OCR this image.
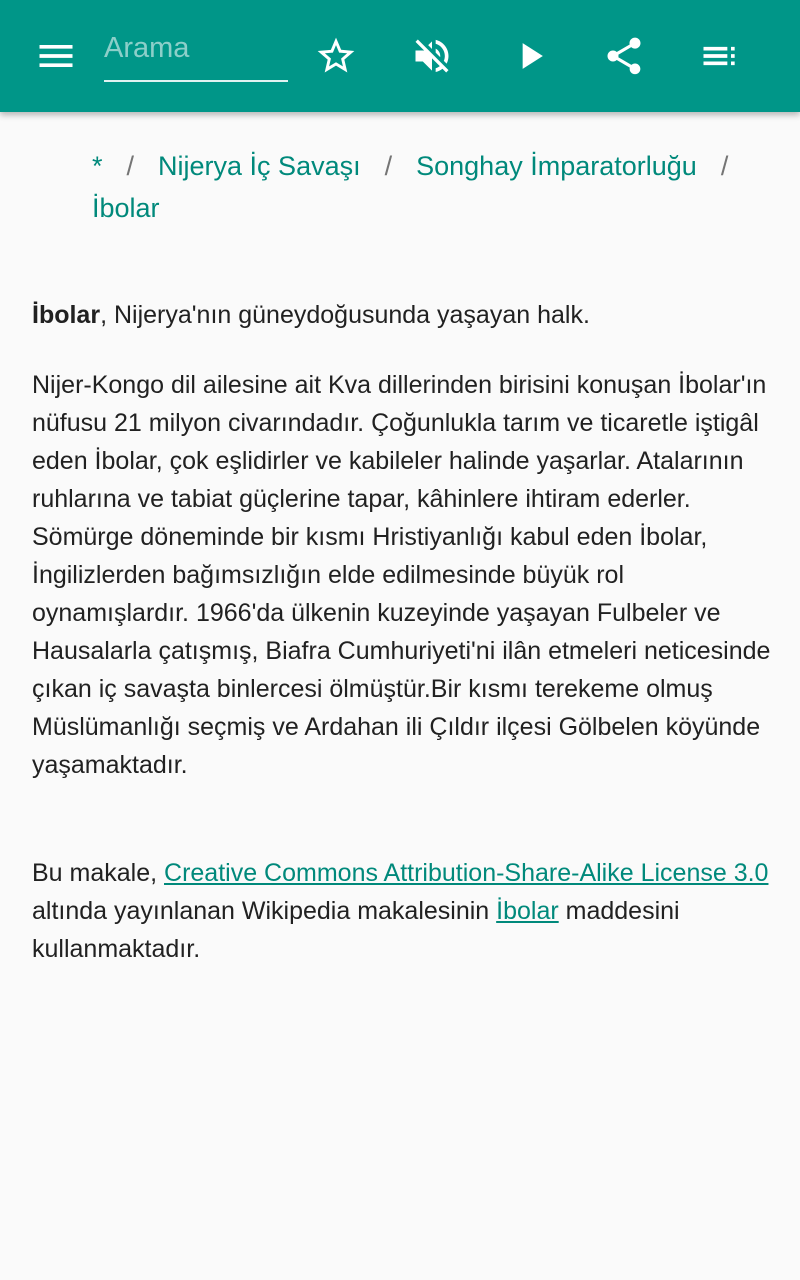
Arama
* / Nijerya İç Savaşı / Songhay İmparatorluğu /İbolar

İbolar, Nijerya'nın güneydoğusunda yaşayan halk.

Nijer-Kongo dil ailesine ait Kva dillerinden birisini konuşan İbolar'ın nüfusu 21 milyon civarındadır. Çoğunlukla tarım ve ticaretle iştigâl eden İbolar, çok eşlidirler ve kabileler halinde yaşarlar. Atalarının ruhlarına ve tabiat güçlerine tapar, kâhinlere ihtiram ederler. Sömürge döneminde bir kısmı Hristiyanlığı kabul eden İbolar, İngilizlerden bağımsızlığın elde edilmesinde büyük rol oynamışlardır. 1966'da ülkenin kuzeyinde yaşayan Fulbeler ve Hausalarla çatışmış, Biafra Cumhuriyeti'ni ilân etmeleri neticesinde çıkan iç savaşta binlercesi ölmüştür.Bir kısmı terekeme olmuş Müslümanlığı seçmiş ve Ardahan ili Çıldır ilçesi Gölbelen köyünde yaşamaktadır.

Bu makale, Creative Commons Attribution-Share-Alike License 3.0 altında yayınlanan Wikipedia makalesinin İbolar maddesini kullanmaktadır.
